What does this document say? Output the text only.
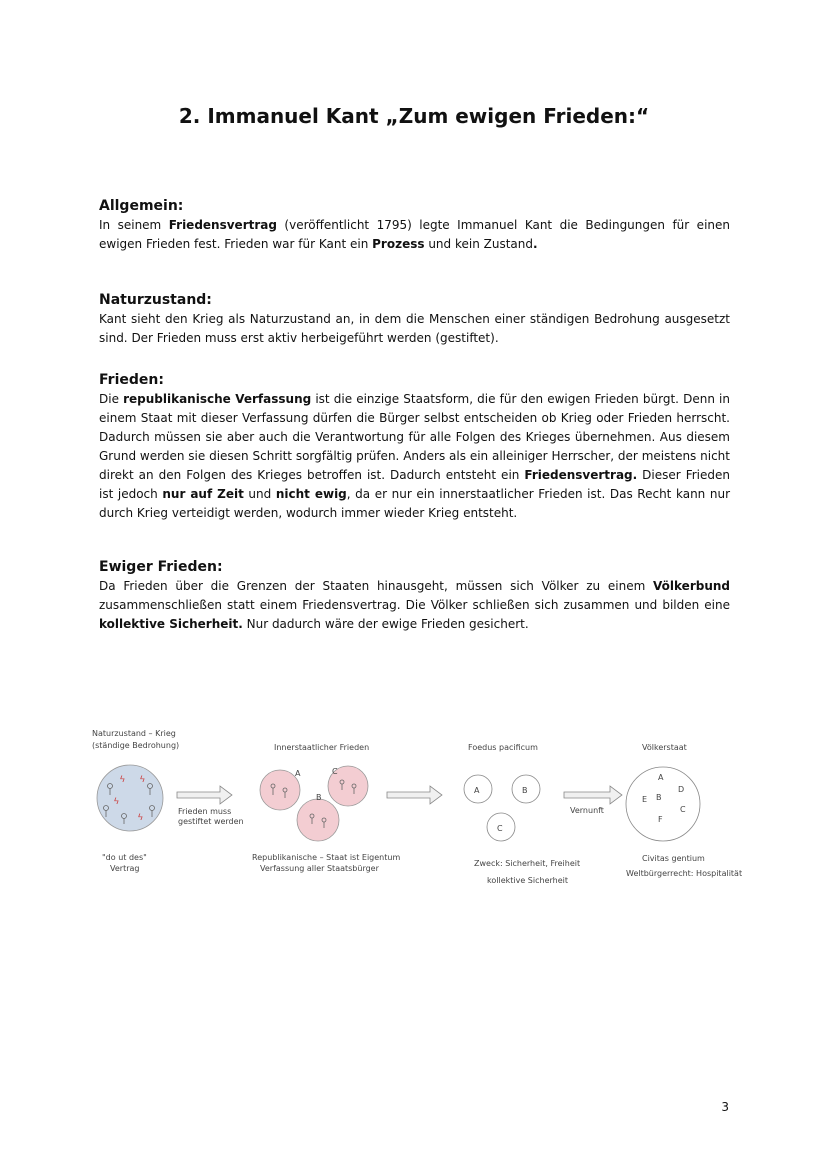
2. Immanuel Kant „Zum ewigen Frieden:“
Allgemein:

In seinem Friedensvertrag (veröffentlicht 1795) legte Immanuel Kant die Bedingungen für einen ewigen Frieden fest. Frieden war für Kant ein Prozess und kein Zustand.

Naturzustand:

Kant sieht den Krieg als Naturzustand an, in dem die Menschen einer ständigen Bedrohung ausgesetzt sind. Der Frieden muss erst aktiv herbeigeführt werden (gestiftet).

Frieden:

Die republikanische Verfassung ist die einzige Staatsform, die für den ewigen Frieden bürgt. Denn in einem Staat mit dieser Verfassung dürfen die Bürger selbst entscheiden ob Krieg oder Frieden herrscht. Dadurch müssen sie aber auch die Verantwortung für alle Folgen des Krieges übernehmen. Aus diesem Grund werden sie diesen Schritt sorgfältig prüfen. Anders als ein alleiniger Herrscher, der meistens nicht direkt an den Folgen des Krieges betroffen ist. Dadurch entsteht ein Friedensvertrag. Dieser Frieden ist jedoch nur auf Zeit und nicht ewig, da er nur ein innerstaatlicher Frieden ist. Das Recht kann nur durch Krieg verteidigt werden, wodurch immer wieder Krieg entsteht.

Ewiger Frieden:

Da Frieden über die Grenzen der Staaten hinausgeht, müssen sich Völker zu einem Völkerbund zusammenschließen statt einem Friedensvertrag. Die Völker schließen sich zusammen und bilden eine kollektive Sicherheit. Nur dadurch wäre der ewige Frieden gesichert.

Naturzustand – Krieg
(ständige Bedrohung)
ϟ ϟ
ϟ
ϟ
"do ut des"
Vertrag
Frieden muss
gestiftet werden
Innerstaatlicher Frieden
A	C
B
Republikanische – Staat ist Eigentum
Verfassung aller Staatsbürger
Foedus pacificum
A	B
C
Zweck: Sicherheit, Freiheit
kollektive Sicherheit
Vernunft
Völkerstaat
A
B
C
D
E
F
Civitas gentium
Weltbürgerrecht: Hospitalität
3
